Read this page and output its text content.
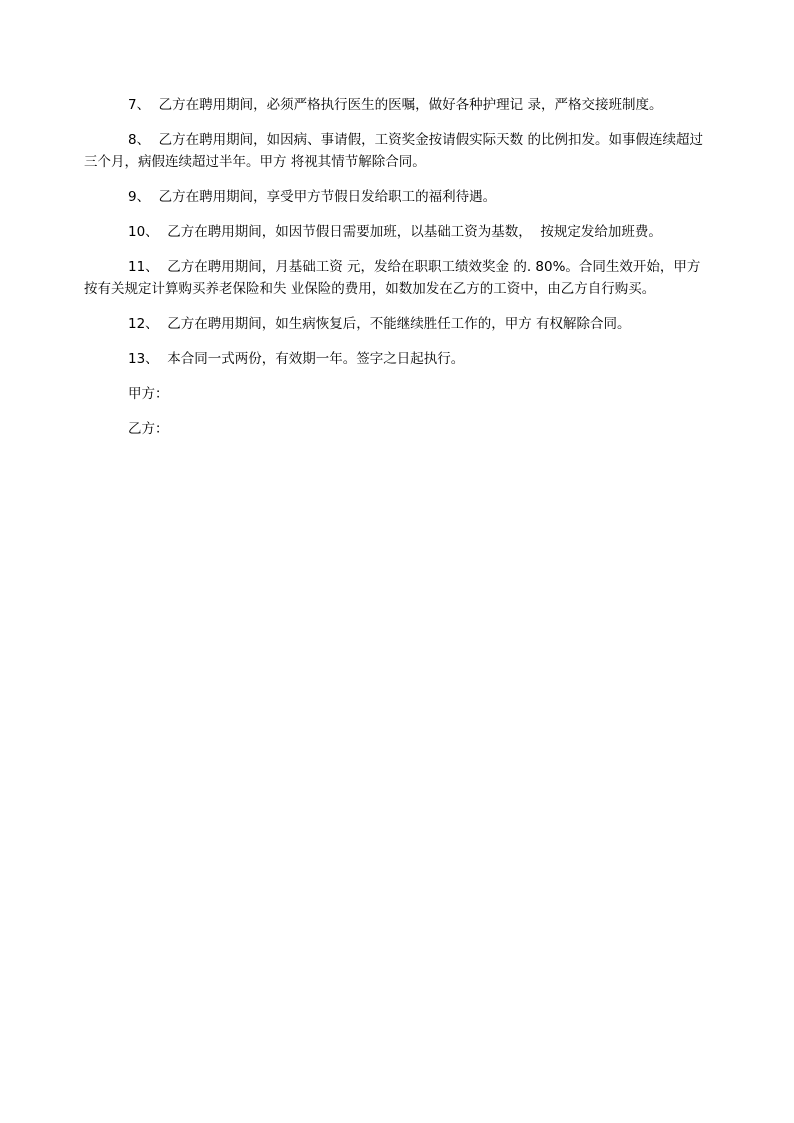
7、  乙方在聘用期间，必须严格执行医生的医嘱，做好各种护理记 录，严格交接班制度。

8、  乙方在聘用期间，如因病、事请假，工资奖金按请假实际天数 的比例扣发。如事假连续超过三个月，病假连续超过半年。甲方 将视其情节解除合同。

9、  乙方在聘用期间，享受甲方节假日发给职工的福利待遇。

10、  乙方在聘用期间，如因节假日需要加班，以基础工资为基数，  按规定发给加班费。

11、  乙方在聘用期间，月基础工资 元，发给在职职工绩效奖金 的. 80%。合同生效开始，甲方按有关规定计算购买养老保险和失 业保险的费用，如数加发在乙方的工资中，由乙方自行购买。

12、  乙方在聘用期间，如生病恢复后，不能继续胜任工作的，甲方 有权解除合同。

13、  本合同一式两份，有效期一年。签字之日起执行。

甲方：

乙方：
